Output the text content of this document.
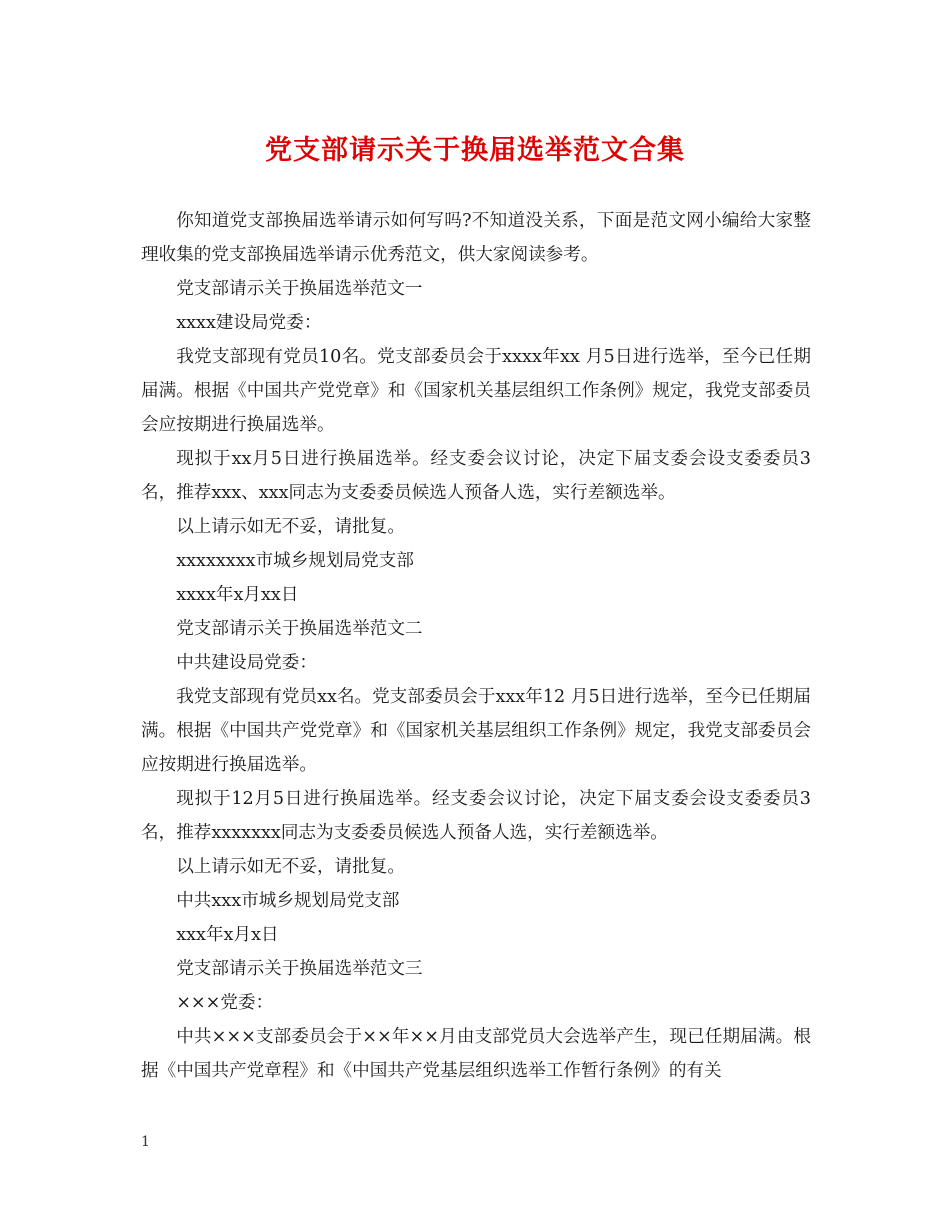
党支部请示关于换届选举范文合集

你知道党支部换届选举请示如何写吗?不知道没关系，下面是范文网小编给大家整理收集的党支部换届选举请示优秀范文，供大家阅读参考。

党支部请示关于换届选举范文一

xxxx建设局党委：

我党支部现有党员10名。党支部委员会于xxxx年xx 月5日进行选举，至今已任期届满。根据《中国共产党党章》和《国家机关基层组织工作条例》规定，我党支部委员会应按期进行换届选举。

现拟于xx月5日进行换届选举。经支委会议讨论，决定下届支委会设支委委员3名，推荐xxx、xxx同志为支委委员候选人预备人选，实行差额选举。

以上请示如无不妥，请批复。

xxxxxxxx市城乡规划局党支部

xxxx年x月xx日

党支部请示关于换届选举范文二

中共建设局党委：

我党支部现有党员xx名。党支部委员会于xxx年12 月5日进行选举，至今已任期届满。根据《中国共产党党章》和《国家机关基层组织工作条例》规定，我党支部委员会应按期进行换届选举。

现拟于12月5日进行换届选举。经支委会议讨论，决定下届支委会设支委委员3名，推荐xxxxxxx同志为支委委员候选人预备人选，实行差额选举。

以上请示如无不妥，请批复。

中共xxx市城乡规划局党支部

xxx年x月x日

党支部请示关于换届选举范文三

×××党委：

中共×××支部委员会于××年××月由支部党员大会选举产生，现已任期届满。根据《中国共产党章程》和《中国共产党基层组织选举工作暂行条例》的有关

1
